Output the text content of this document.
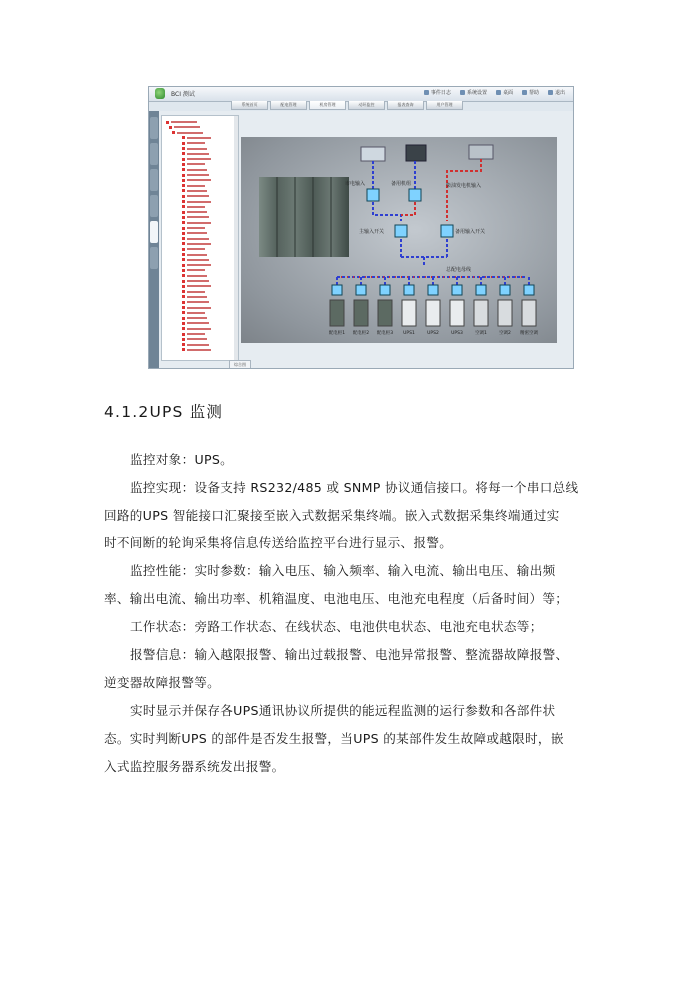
BCI 测试	事件日志	系统设置	桌面	帮助	退出
系统首页	配电管理	机房管理	动环监控	报表查询	用户管理
综合图
配电柜1 配电柜2 配电柜3 UPS1	UPS2	UPS3	空调1	空调2 精密空调
市电输入	备用机组	柴油发电机输入
主输入开关	备用输入开关
总配电母线
4.1.2UPS 监测
监控对象：UPS。
监控实现：设备支持 RS232/485 或 SNMP 协议通信接口。将每一个串口总线
回路的UPS 智能接口汇聚接至嵌入式数据采集终端。嵌入式数据采集终端通过实
时不间断的轮询采集将信息传送给监控平台进行显示、报警。
监控性能：实时参数：输入电压、输入频率、输入电流、输出电压、输出频
率、输出电流、输出功率、机箱温度、电池电压、电池充电程度（后备时间）等；
工作状态：旁路工作状态、在线状态、电池供电状态、电池充电状态等；
报警信息：输入越限报警、输出过载报警、电池异常报警、整流器故障报警、
逆变器故障报警等。
实时显示并保存各UPS通讯协议所提供的能远程监测的运行参数和各部件状
态。实时判断UPS 的部件是否发生报警，当UPS 的某部件发生故障或越限时，嵌
入式监控服务器系统发出报警。
